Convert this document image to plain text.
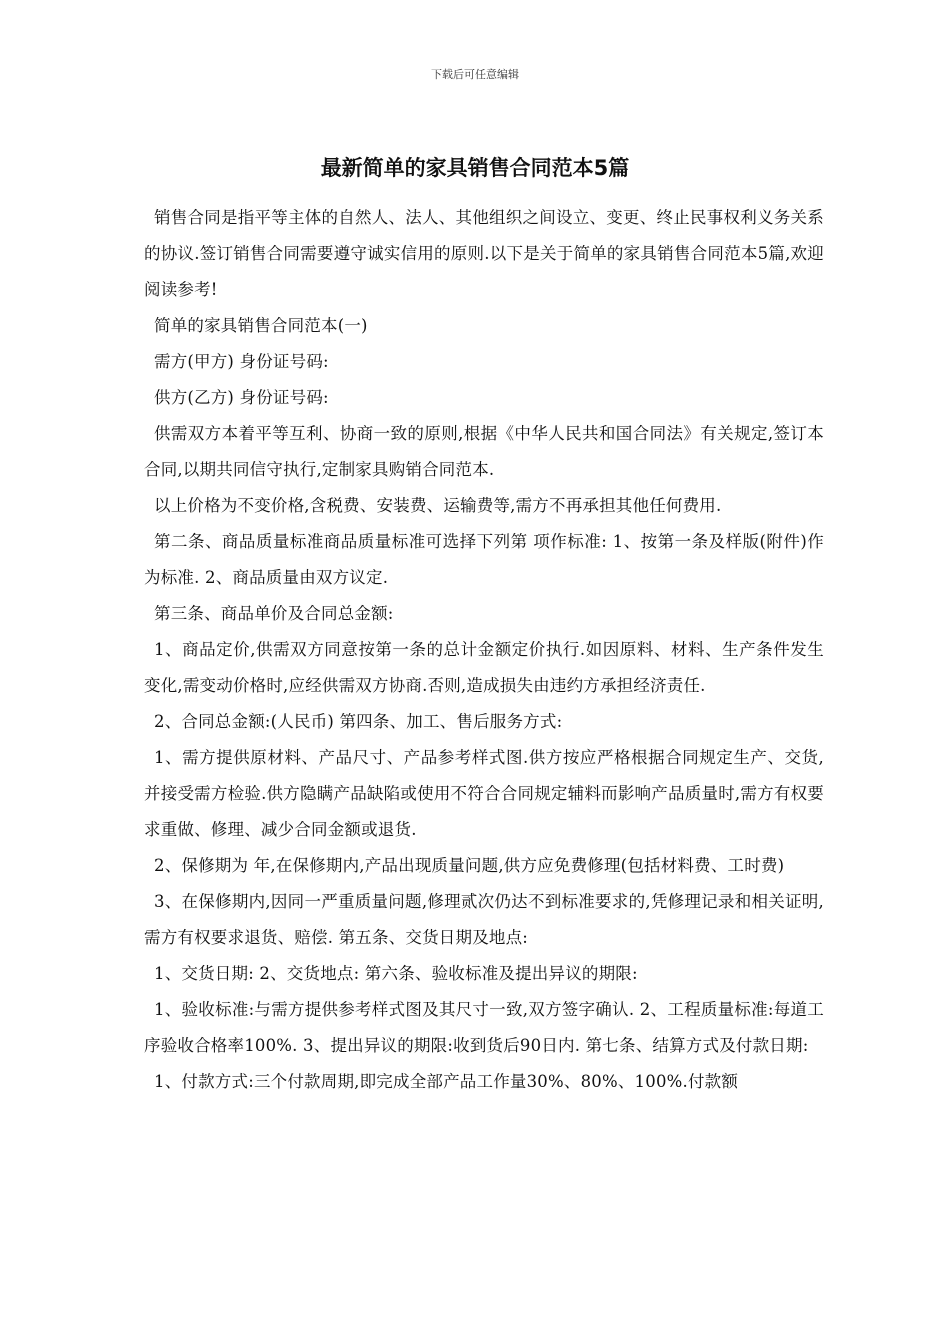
下载后可任意编辑
最新简单的家具销售合同范本5篇

销售合同是指平等主体的自然人、法人、其他组织之间设立、变更、终止民事权利义务关系的协议.签订销售合同需要遵守诚实信用的原则.以下是关于简单的家具销售合同范本5篇,欢迎阅读参考!

简单的家具销售合同范本(一)

需方(甲方) 身份证号码:

供方(乙方) 身份证号码:

供需双方本着平等互利、协商一致的原则,根据《中华人民共和国合同法》有关规定,签订本合同,以期共同信守执行,定制家具购销合同范本.

以上价格为不变价格,含税费、安装费、运输费等,需方不再承担其他任何费用.

第二条、商品质量标准商品质量标准可选择下列第 项作标准: 1、按第一条及样版(附件)作为标准. 2、商品质量由双方议定.

第三条、商品单价及合同总金额:

1、商品定价,供需双方同意按第一条的总计金额定价执行.如因原料、材料、生产条件发生变化,需变动价格时,应经供需双方协商.否则,造成损失由违约方承担经济责任.

2、合同总金额:(人民币) 第四条、加工、售后服务方式:

1、需方提供原材料、产品尺寸、产品参考样式图.供方按应严格根据合同规定生产、交货,并接受需方检验.供方隐瞒产品缺陷或使用不符合合同规定辅料而影响产品质量时,需方有权要求重做、修理、减少合同金额或退货.

2、保修期为 年,在保修期内,产品出现质量问题,供方应免费修理(包括材料费、工时费)

3、在保修期内,因同一严重质量问题,修理贰次仍达不到标准要求的,凭修理记录和相关证明,需方有权要求退货、赔偿. 第五条、交货日期及地点:

1、交货日期: 2、交货地点: 第六条、验收标准及提出异议的期限:

1、验收标准:与需方提供参考样式图及其尺寸一致,双方签字确认. 2、工程质量标准:每道工序验收合格率100%. 3、提出异议的期限:收到货后90日内. 第七条、结算方式及付款日期:

1、付款方式:三个付款周期,即完成全部产品工作量30%、80%、100%.付款额
